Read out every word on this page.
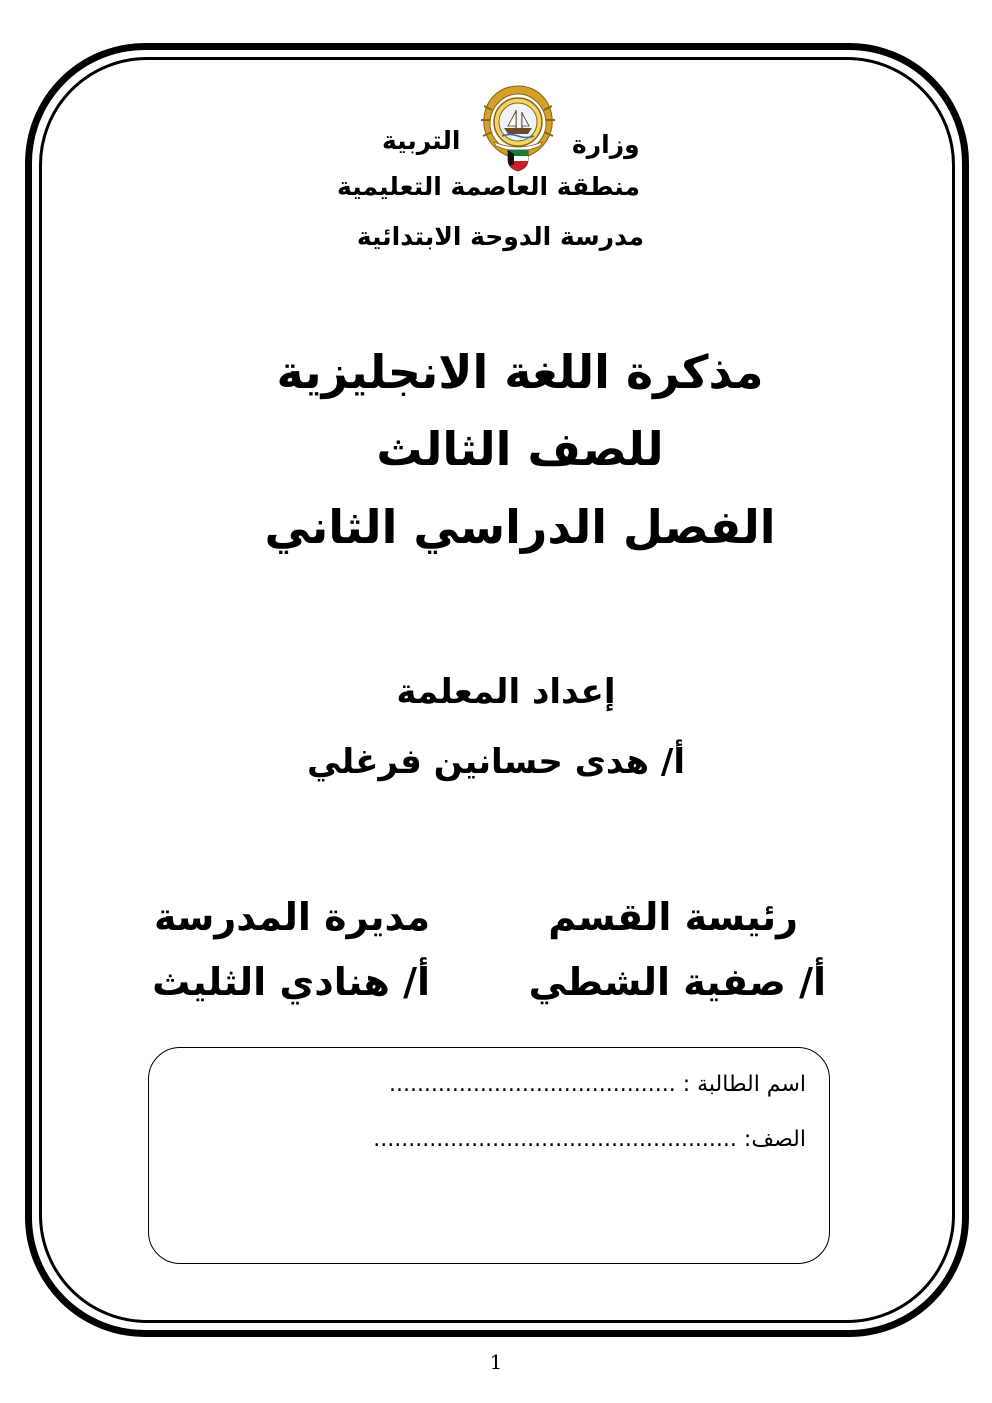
وزارة
التربية
منطقة العاصمة التعليمية
مدرسة الدوحة الابتدائية
مذكرة اللغة الانجليزية
للصف الثالث
الفصل الدراسي الثاني
إعداد المعلمة
أ/ هدى حسانين فرغلي
رئيسة القسم
أ/ صفية الشطي
مديرة المدرسة
أ/ هنادي الثليث
اسم الطالبة : .........................................
الصف: ....................................................
1
